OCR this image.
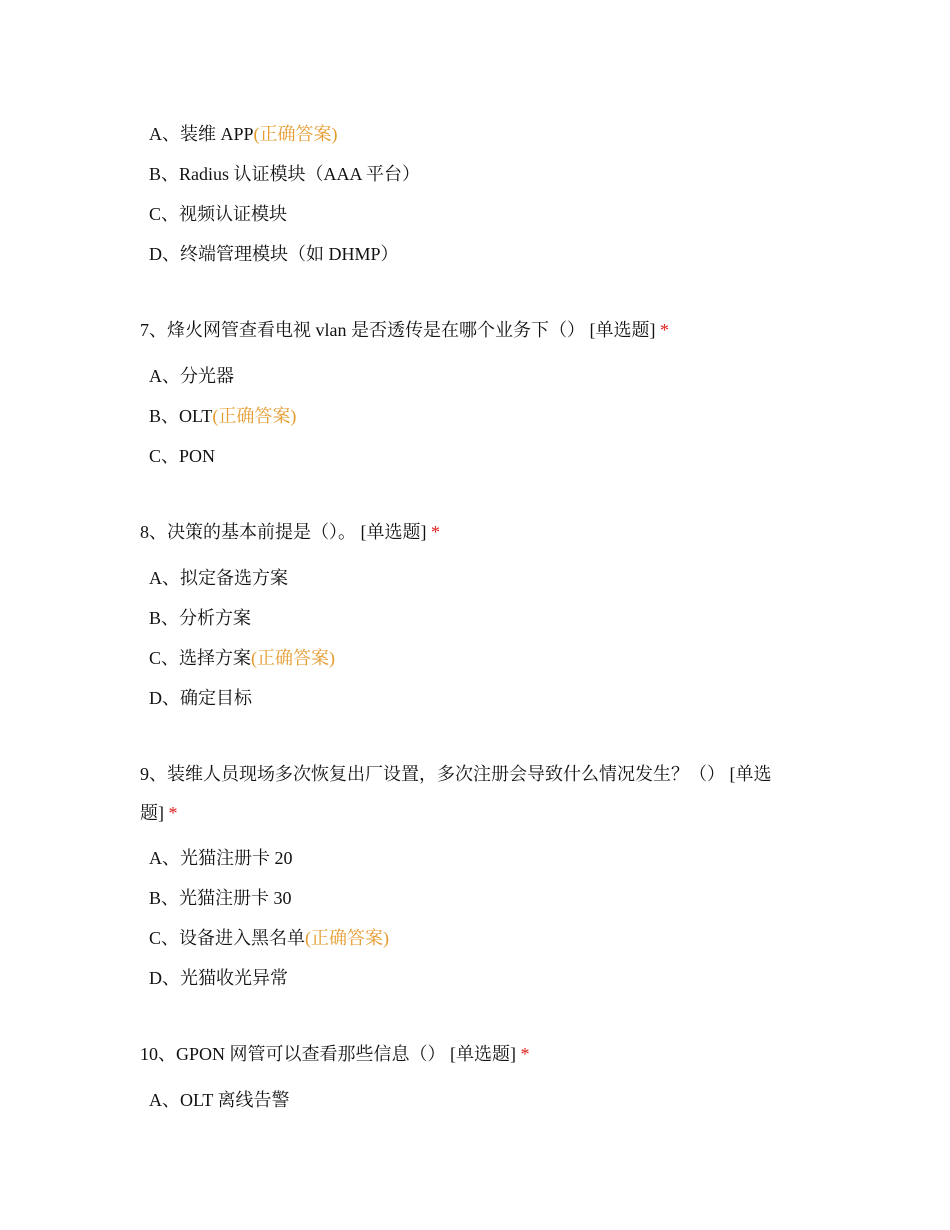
A、装维 APP(正确答案)
B、Radius 认证模块（AAA 平台）
C、视频认证模块
D、终端管理模块（如 DHMP）
7、烽火网管查看电视 vlan 是否透传是在哪个业务下（） [单选题] *
A、分光器
B、OLT(正确答案)
C、PON
8、决策的基本前提是（）。 [单选题] *
A、拟定备选方案
B、分析方案
C、选择方案(正确答案)
D、确定目标
9、装维人员现场多次恢复出厂设置，多次注册会导致什么情况发生？（） [单选
题] *
A、光猫注册卡 20
B、光猫注册卡 30
C、设备进入黑名单(正确答案)
D、光猫收光异常
10、GPON 网管可以查看那些信息（） [单选题] *
A、OLT 离线告警
